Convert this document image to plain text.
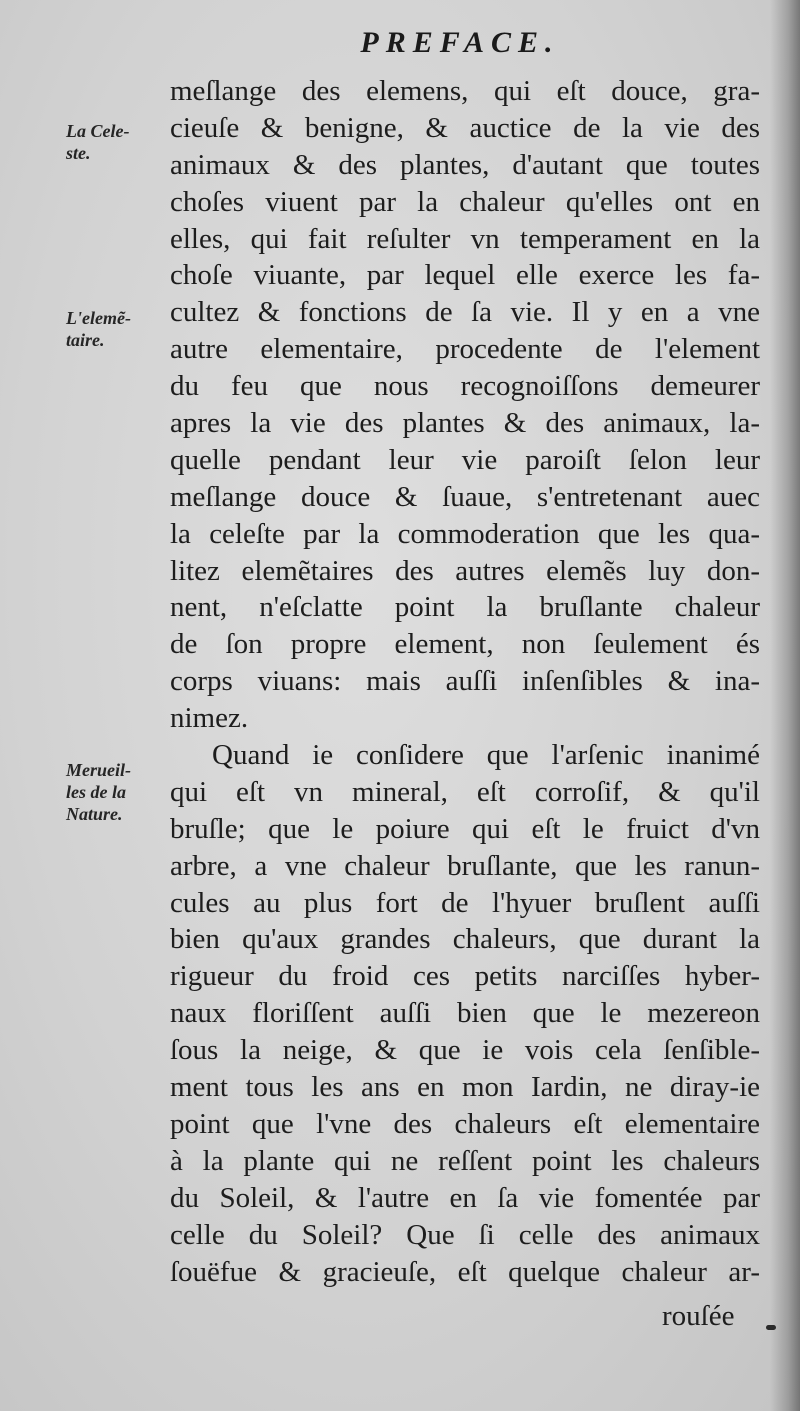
PREFACE.
La Cele-
ste.
L'elemẽ-
taire.
Merueil-
les de la
Nature.
meſlange des elemens, qui eſt douce, gra-
cieuſe & benigne, & auctice de la vie des
animaux & des plantes, d'autant que toutes
choſes viuent par la chaleur qu'elles ont en
elles, qui fait reſulter vn temperament en la
choſe viuante, par lequel elle exerce les fa-
cultez & fonctions de ſa vie. Il y en a vne
autre elementaire, procedente de l'element
du feu que nous recognoiſſons demeurer
apres la vie des plantes & des animaux, la-
quelle pendant leur vie paroiſt ſelon leur
meſlange douce & ſuaue, s'entretenant auec
la celeſte par la commoderation que les qua-
litez elemẽtaires des autres elemẽs luy don-
nent, n'eſclatte point la bruſlante chaleur
de ſon propre element, non ſeulement és
corps viuans: mais auſſi inſenſibles & ina-
nimez.
Quand ie conſidere que l'arſenic inanimé
qui eſt vn mineral, eſt corroſif, & qu'il
bruſle; que le poiure qui eſt le fruict d'vn
arbre, a vne chaleur bruſlante, que les ranun-
cules au plus fort de l'hyuer bruſlent auſſi
bien qu'aux grandes chaleurs, que durant la
rigueur du froid ces petits narciſſes hyber-
naux floriſſent auſſi bien que le mezereon
ſous la neige, & que ie vois cela ſenſible-
ment tous les ans en mon Iardin, ne diray-ie
point que l'vne des chaleurs eſt elementaire
à la plante qui ne reſſent point les chaleurs
du Soleil, & l'autre en ſa vie fomentée par
celle du Soleil? Que ſi celle des animaux
ſouëfue & gracieuſe, eſt quelque chaleur ar-
rouſée
